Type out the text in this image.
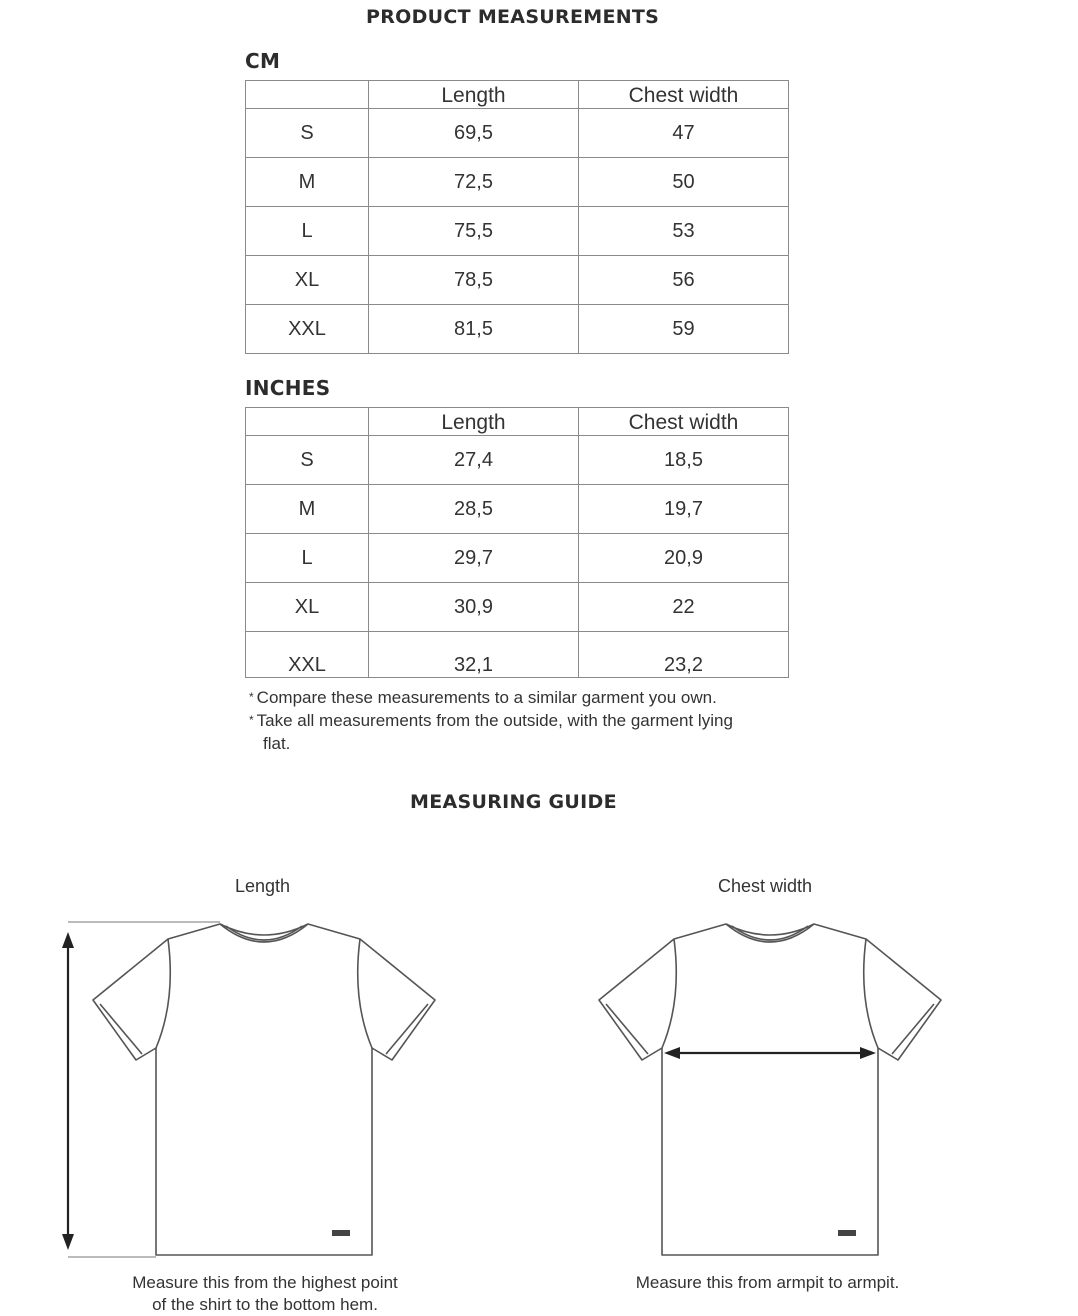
PRODUCT MEASUREMENTS
CM
	Length	Chest width
S	69,5	47
M	72,5	50
L	75,5	53
XL	78,5	56
XXL	81,5	59
INCHES
	Length	Chest width
S	27,4	18,5
M	28,5	19,7
L	29,7	20,9
XL	30,9	22
XXL	32,1	23,2
* Compare these measurements to a similar garment you own.
* Take all measurements from the outside, with the garment lying flat.
MEASURING GUIDE
Length
Measure this from the highest point
of the shirt to the bottom hem.
Chest width
Measure this from armpit to armpit.
